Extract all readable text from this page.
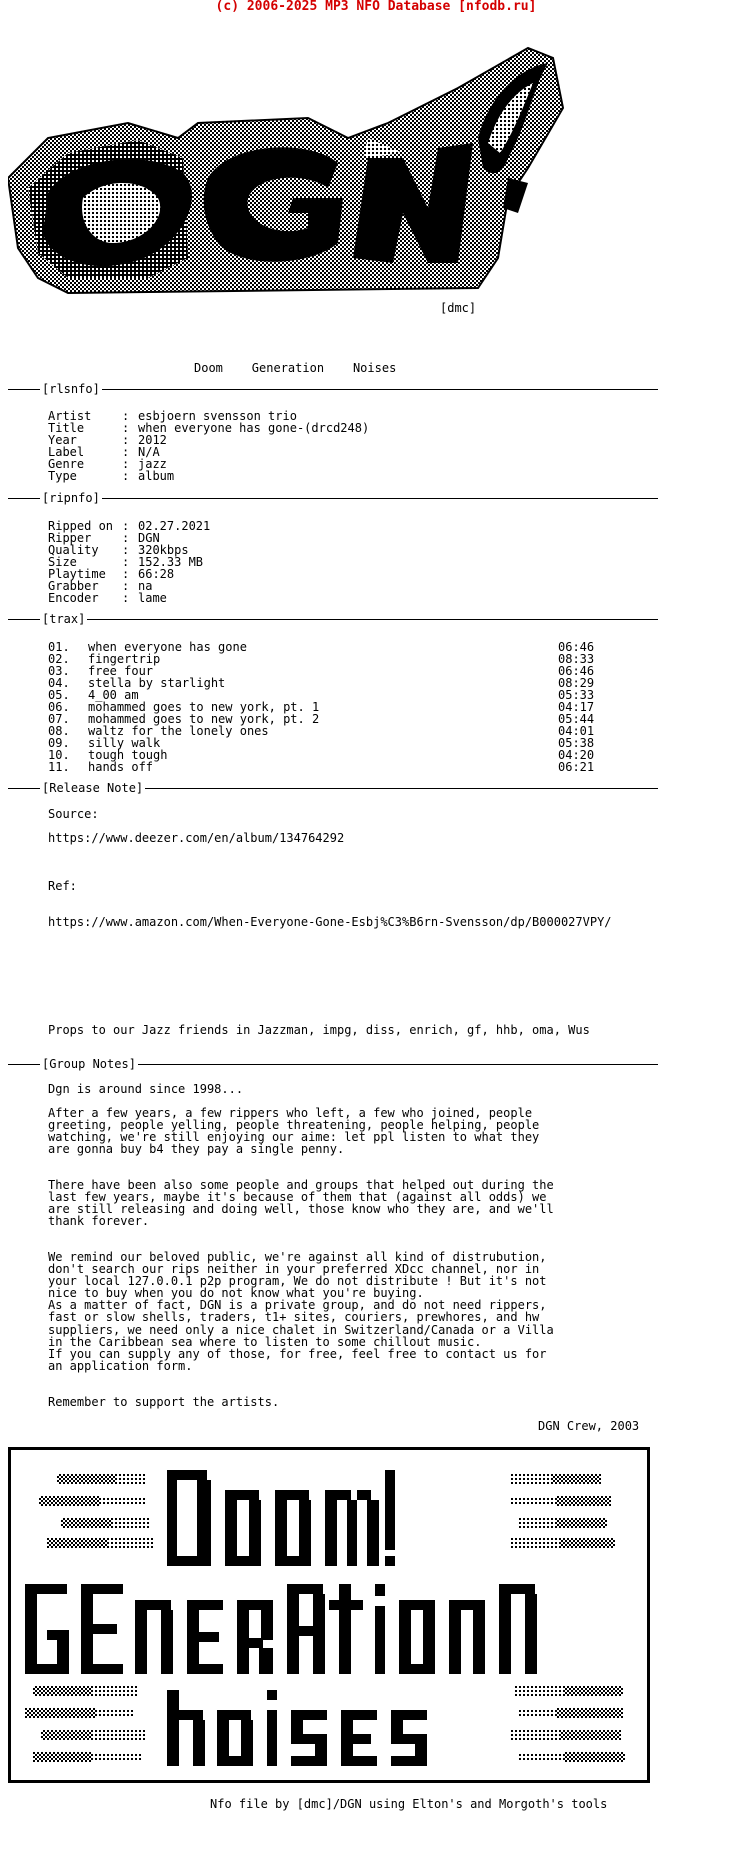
(c) 2006-2025 MP3 NFO Database [nfodb.ru]
[dmc]
Doom    Generation    Noises
[rlsnfo]
Artist	: esbjoern svensson trio
Title	: when everyone has gone-(drcd248)
Year	: 2012
Label	: N/A
Genre	: jazz
Type	: album
[ripnfo]
Ripped on : 02.27.2021
Ripper	: DGN
Quality : 320kbps
Size	: 152.33 MB
Playtime : 66:28
Grabber : na
Encoder : lame
[trax]
01. when everyone has gone	06:46
02. fingertrip	08:33
03. free four	06:46
04. stella by starlight	08:29
05. 4_00 am	05:33
06. mohammed goes to new york, pt. 1	04:17
07. mohammed goes to new york, pt. 2	05:44
08. waltz for the lonely ones	04:01
09. silly walk	05:38
10. tough tough	04:20
11. hands off	06:21
[Release Note]
Source:
https://www.deezer.com/en/album/134764292
Ref:
https://www.amazon.com/When-Everyone-Gone-Esbj%C3%B6rn-Svensson/dp/B000027VPY/
Props to our Jazz friends in Jazzman, impg, diss, enrich, gf, hhb, oma, Wus
[Group Notes]
Dgn is around since 1998...
After a few years, a few rippers who left, a few who joined, people
greeting, people yelling, people threatening, people helping, people
watching, we're still enjoying our aime: let ppl listen to what they
are gonna buy b4 they pay a single penny.
There have been also some people and groups that helped out during the
last few years, maybe it's because of them that (against all odds) we
are still releasing and doing well, those know who they are, and we'll
thank forever.
We remind our beloved public, we're against all kind of distrubution,
don't search our rips neither in your preferred XDcc channel, nor in
your local 127.0.0.1 p2p program, We do not distribute ! But it's not
nice to buy when you do not know what you're buying.
As a matter of fact, DGN is a private group, and do not need rippers,
fast or slow shells, traders, t1+ sites, couriers, prewhores, and hw
suppliers, we need only a nice chalet in Switzerland/Canada or a Villa
in the Caribbean sea where to listen to some chillout music.
If you can supply any of those, for free, feel free to contact us for
an application form.
Remember to support the artists.
DGN Crew, 2003
Nfo file by [dmc]/DGN using Elton's and Morgoth's tools
